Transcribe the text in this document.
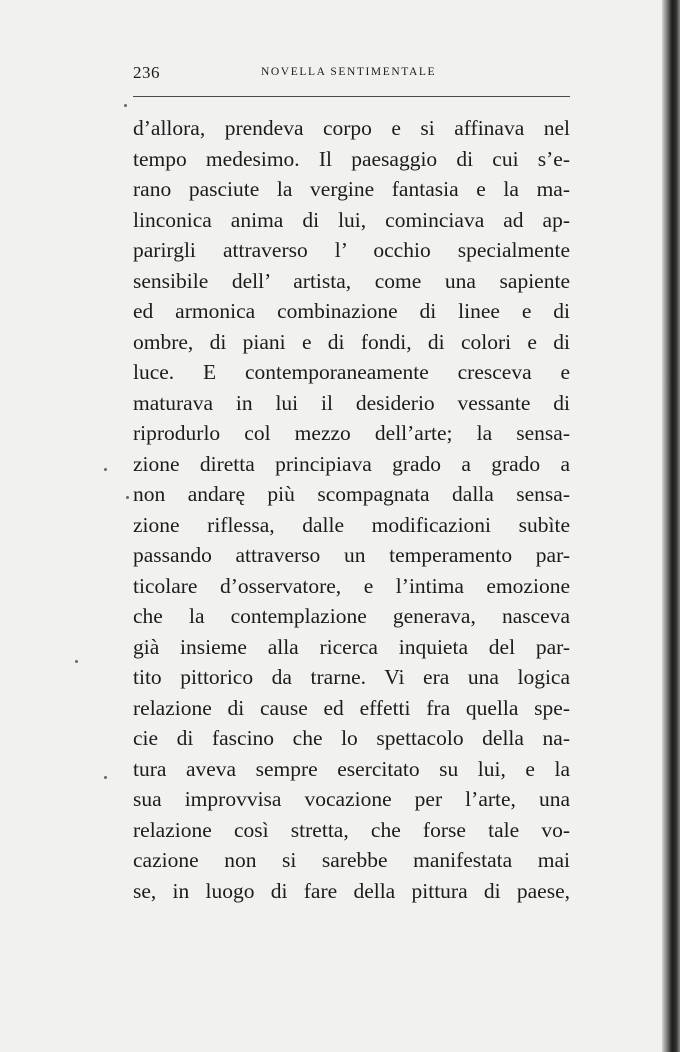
236	NOVELLA SENTIMENTALE
d’allora, prendeva corpo e si affinava nel
tempo medesimo. Il paesaggio di cui s’e-
rano pasciute la vergine fantasia e la ma-
linconica anima di lui, cominciava ad ap-
parirgli attraverso l’ occhio specialmente
sensibile dell’ artista, come una sapiente
ed armonica combinazione di linee e di
ombre, di piani e di fondi, di colori e di
luce. E contemporaneamente cresceva e
maturava in lui il desiderio vessante di
riprodurlo col mezzo dell’arte; la sensa-
zione diretta principiava grado a grado a
non andarę più scompagnata dalla sensa-
zione riflessa, dalle modificazioni subìte
passando attraverso un temperamento par-
ticolare d’osservatore, e l’intima emozione
che la contemplazione generava, nasceva
già insieme alla ricerca inquieta del par-
tito pittorico da trarne. Vi era una logica
relazione di cause ed effetti fra quella spe-
cie di fascino che lo spettacolo della na-
tura aveva sempre esercitato su lui, e la
sua improvvisa vocazione per l’arte, una
relazione così stretta, che forse tale vo-
cazione non si sarebbe manifestata mai
se, in luogo di fare della pittura di paese,
